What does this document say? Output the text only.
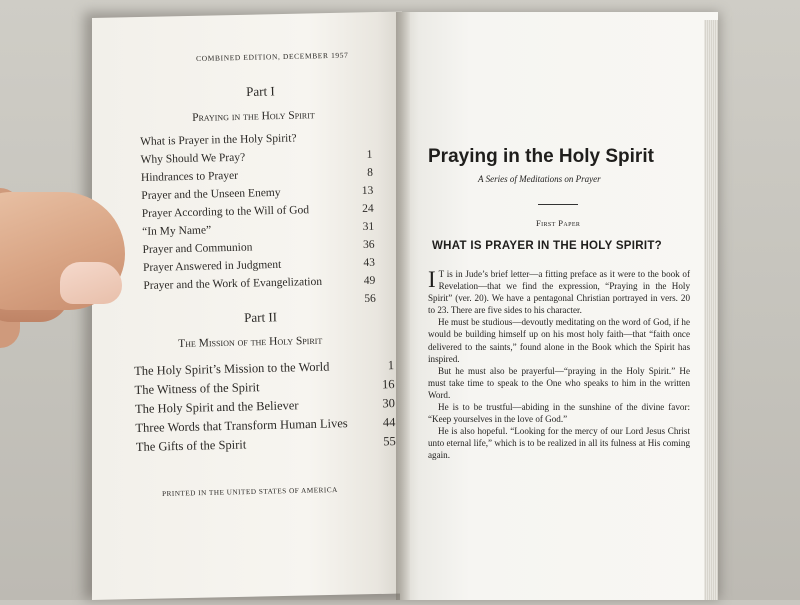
COMBINED EDITION, DECEMBER 1957
Part I
Praying in the Holy Spirit
What is Prayer in the Holy Spirit?
Why Should We Pray?	1
Hindrances to Prayer	8
Prayer and the Unseen Enemy	13
Prayer According to the Will of God	24
“In My Name”	31
Prayer and Communion	36
Prayer Answered in Judgment	43
Prayer and the Work of Evangelization	49
56
Part II
The Mission of the Holy Spirit
The Holy Spirit’s Mission to the World	1
The Witness of the Spirit	16
The Holy Spirit and the Believer	30
Three Words that Transform Human Lives	44
The Gifts of the Spirit	55
PRINTED IN THE UNITED STATES OF AMERICA
Praying in the Holy Spirit
A Series of Meditations on Prayer
First Paper
WHAT IS PRAYER IN THE HOLY SPIRIT?

I T is in Jude’s brief letter—a fitting preface as it were to the book of Revelation—that we find the expression, “Praying in the Holy Spirit” (ver. 20). We have a pentagonal Christian portrayed in vers. 20 to 23. There are five sides to his character.

He must be studious—devoutly meditating on the word of God, if he would be building himself up on his most holy faith—that “faith once delivered to the saints,” found alone in the Book which the Spirit has inspired.

But he must also be prayerful—“praying in the Holy Spirit.” He must take time to speak to the One who speaks to him in the written Word.

He is to be trustful—abiding in the sunshine of the divine favor: “Keep yourselves in the love of God.”

He is also hopeful. “Looking for the mercy of our Lord Jesus Christ unto eternal life,” which is to be realized in all its fulness at His coming again.
